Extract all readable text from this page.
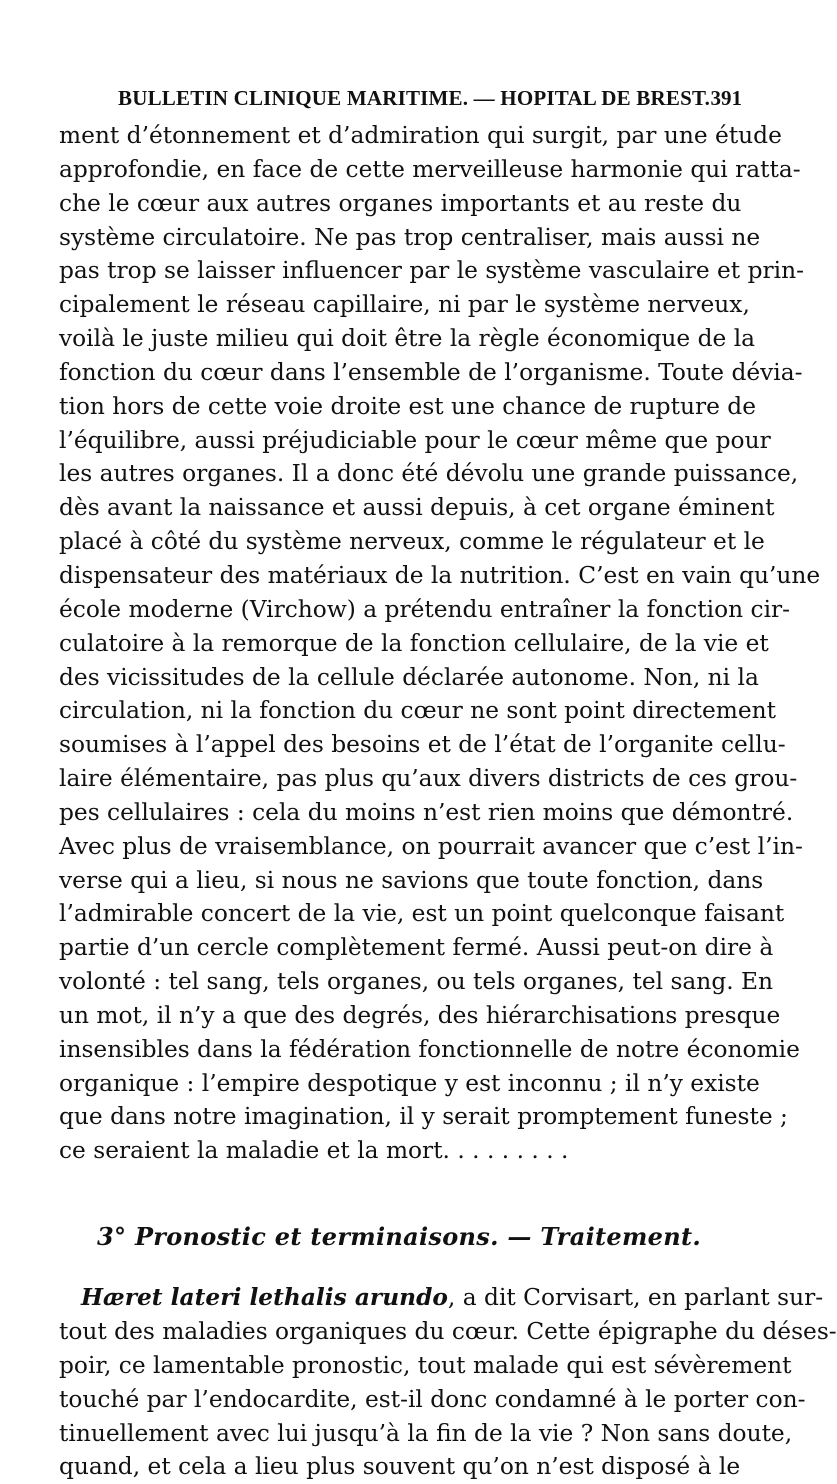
BULLETIN CLINIQUE MARITIME. — HOPITAL DE BREST. 391
ment d’étonnement et d’admiration qui surgit, par une étude
approfondie, en face de cette merveilleuse harmonie qui ratta-
che le cœur aux autres organes importants et au reste du
système circulatoire. Ne pas trop centraliser, mais aussi ne
pas trop se laisser influencer par le système vasculaire et prin-
cipalement le réseau capillaire, ni par le système nerveux,
voilà le juste milieu qui doit être la règle économique de la
fonction du cœur dans l’ensemble de l’organisme. Toute dévia-
tion hors de cette voie droite est une chance de rupture de
l’équilibre, aussi préjudiciable pour le cœur même que pour
les autres organes. Il a donc été dévolu une grande puissance,
dès avant la naissance et aussi depuis, à cet organe éminent
placé à côté du système nerveux, comme le régulateur et le
dispensateur des matériaux de la nutrition. C’est en vain qu’une
école moderne (Virchow) a prétendu entraîner la fonction cir-
culatoire à la remorque de la fonction cellulaire, de la vie et
des vicissitudes de la cellule déclarée autonome. Non, ni la
circulation, ni la fonction du cœur ne sont point directement
soumises à l’appel des besoins et de l’état de l’organite cellu-
laire élémentaire, pas plus qu’aux divers districts de ces grou-
pes cellulaires : cela du moins n’est rien moins que démontré.
Avec plus de vraisemblance, on pourrait avancer que c’est l’in-
verse qui a lieu, si nous ne savions que toute fonction, dans
l’admirable concert de la vie, est un point quelconque faisant
partie d’un cercle complètement fermé. Aussi peut-on dire à
volonté : tel sang, tels organes, ou tels organes, tel sang. En
un mot, il n’y a que des degrés, des hiérarchisations presque
insensibles dans la fédération fonctionnelle de notre économie
organique : l’empire despotique y est inconnu ; il n’y existe
que dans notre imagination, il y serait promptement funeste ;
ce seraient la maladie et la mort. . . . . . . . .
3° Pronostic et terminaisons. — Traitement.
Hæret lateri lethalis arundo, a dit Corvisart, en parlant sur-
tout des maladies organiques du cœur. Cette épigraphe du déses-
poir, ce lamentable pronostic, tout malade qui est sévèrement
touché par l’endocardite, est-il donc condamné à le porter con-
tinuellement avec lui jusqu’à la fin de la vie ? Non sans doute,
quand, et cela a lieu plus souvent qu’on n’est disposé à le
